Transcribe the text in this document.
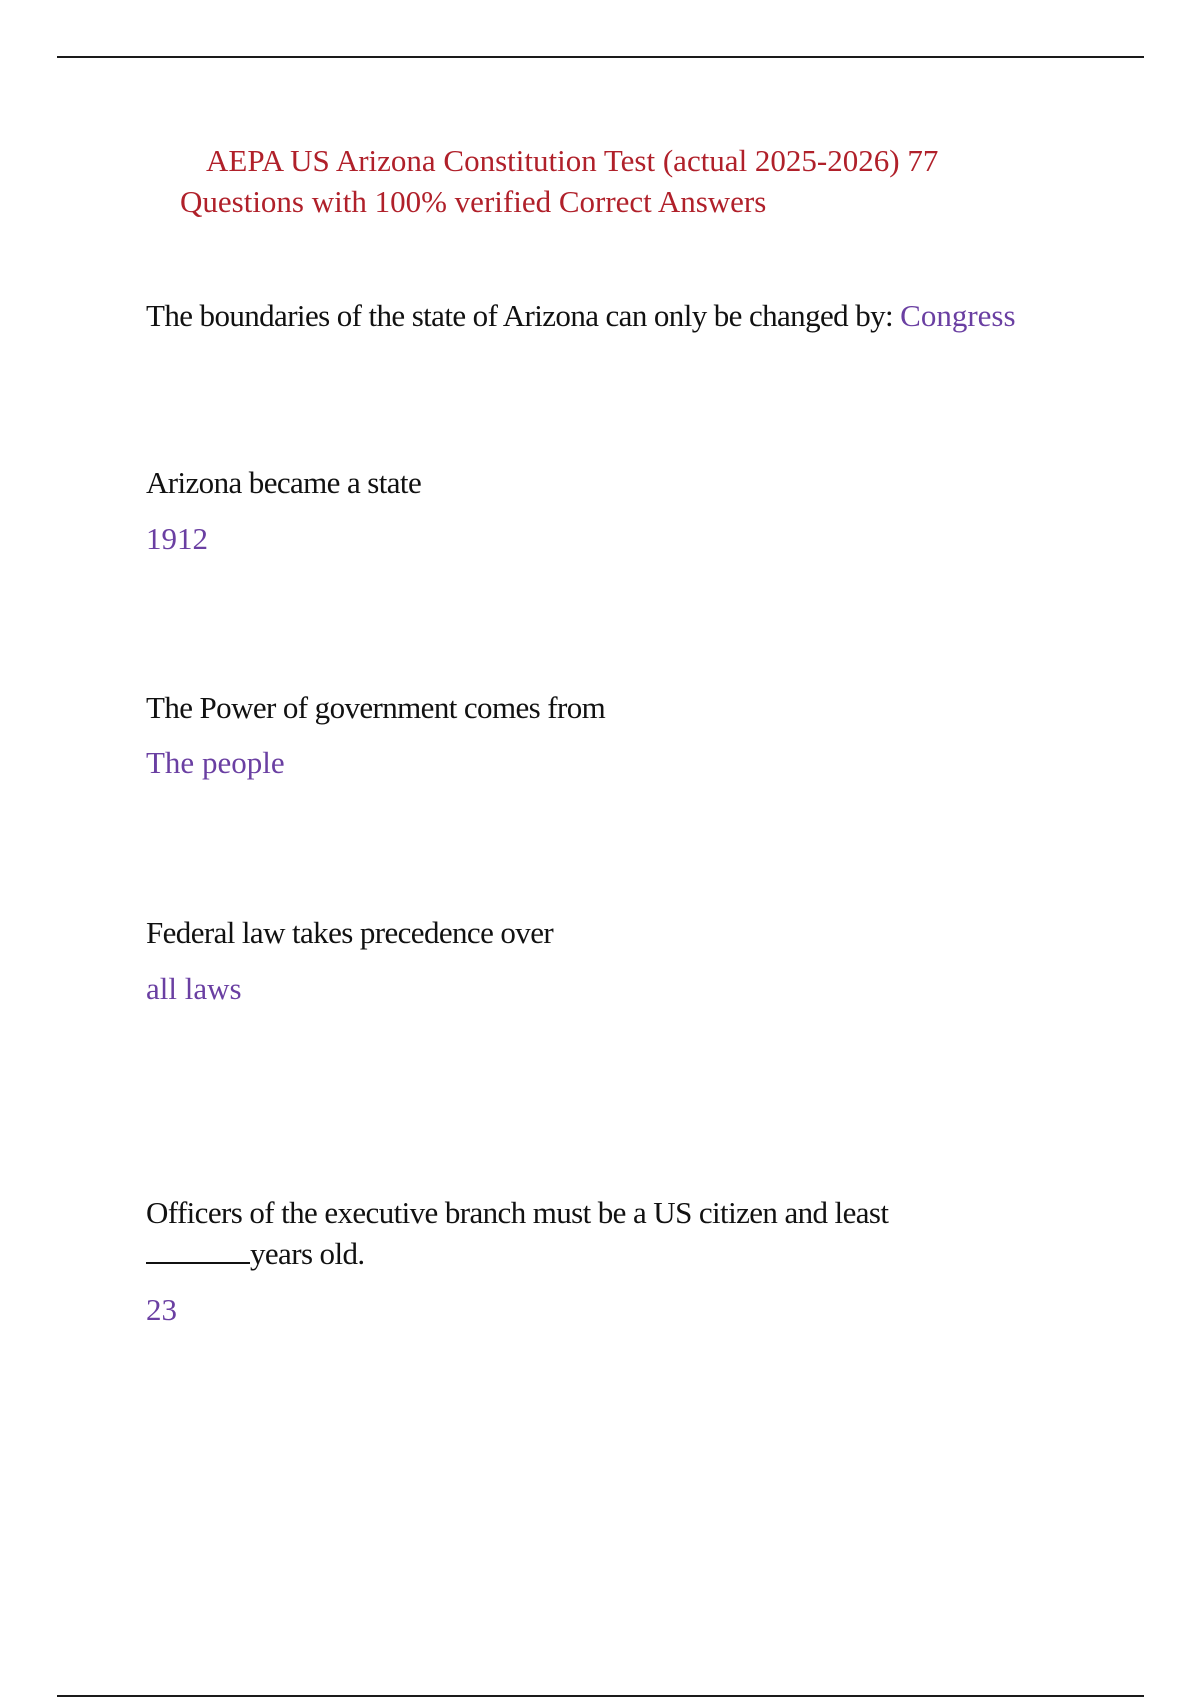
AEPA US Arizona Constitution Test (actual 2025-2026) 77
Questions with 100% verified Correct Answers
The boundaries of the state of Arizona can only be changed by: Congress
Arizona became a state
1912
The Power of government comes from
The people
Federal law takes precedence over
all laws
Officers of the executive branch must be a US citizen and least
years old.
23
